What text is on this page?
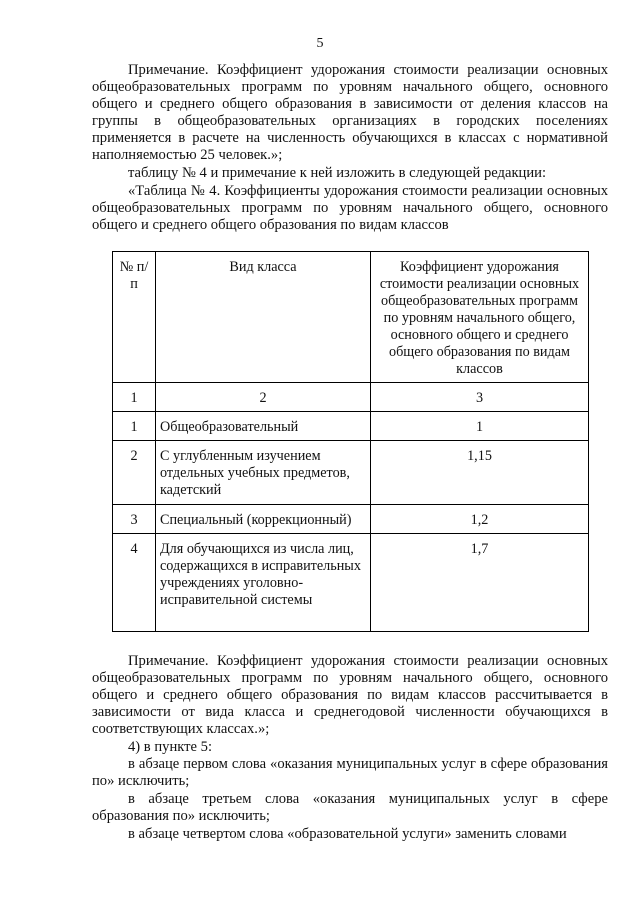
5

Примечание. Коэффициент удорожания стоимости реализации основных общеобразовательных программ по уровням начального общего, основного общего и среднего общего образования в зависимости от деления классов на группы в общеобразовательных организациях в городских поселениях применяется в расчете на численность обучающихся в классах с нормативной наполняемостью 25 человек.»;

таблицу № 4 и примечание к ней изложить в следующей редакции:

«Таблица № 4. Коэффициенты удорожания стоимости реализации основных общеобразовательных программ по уровням начального общего, основного общего и среднего общего образования по видам классов

№ п/п	Вид класса	Коэффициент удорожания стоимости реализации основных общеобразовательных программ по уровням начального общего, основного общего и среднего общего образования по видам классов
1	2	3
1	Общеобразовательный	1
2	С углубленным изучением отдельных учебных предметов, кадетский	1,15
3	Специальный (коррекционный)	1,2
4	Для обучающихся из числа лиц, содержащихся в исправительных учреждениях уголовно-исправительной системы	1,7

Примечание. Коэффициент удорожания стоимости реализации основных общеобразовательных программ по уровням начального общего, основного общего и среднего общего образования по видам классов рассчитывается в зависимости от вида класса и среднегодовой численности обучающихся в соответствующих классах.»;

4) в пункте 5:

в абзаце первом слова «оказания муниципальных услуг в сфере образования по» исключить;

в абзаце третьем слова «оказания муниципальных услуг в сфере образования по» исключить;

в абзаце четвертом слова «образовательной услуги» заменить словами
